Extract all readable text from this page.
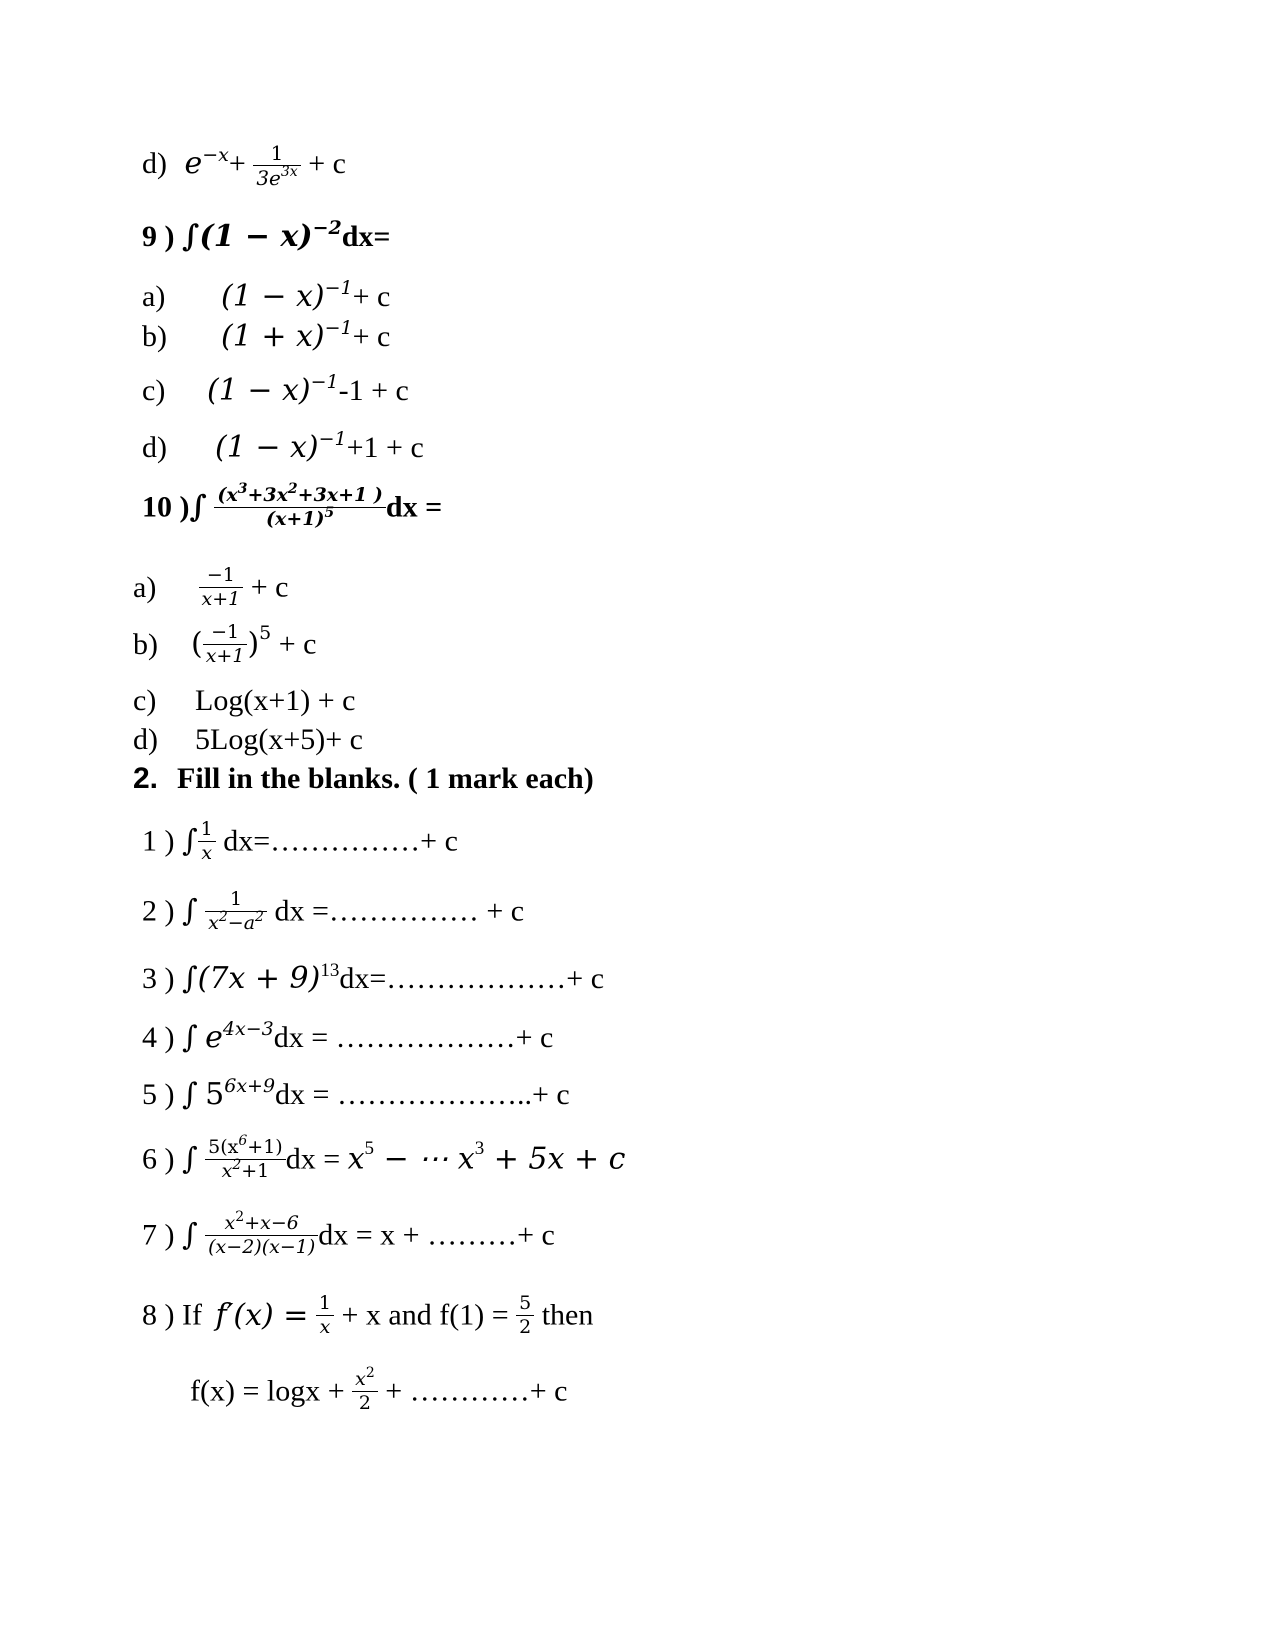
d) $e^{-x}+ \frac{1}{3e^{3x}} + c$
9 ) $\int(1 - x)^{-2}dx=$
a) $(1 - x)^{-1}+ c$
b) $(1 + x)^{-1}+ c$
c) $(1 - x)^{-1}-1 + c$
d) $(1 - x)^{-1}+1 + c$
10 )∫ $\frac{(x^3+3x^2+3x+1 )}{(x+1)^5}$ dx =
$a) \frac{-1}{x+1} + c$
b) ( $\frac{-1}{x+1} )^5 + c$
c) Log(x+1) + c
d) 5Log(x+5)+ c
2. Fill in the blanks. ( 1 mark each)
1 ) ∫ $\frac{1}{x}$ dx=……………+ c
2 ) ∫ $\frac{1}{x^2-a^2}$ dx =…………… + c
3 ) $\int(7x + 9)^{13}dx=\dots\dots\dots\dots\dots\dots+ c$
4 ) ∫ $e^{4x-3}dx$ = ………………+ c
5 ) ∫ $5^{6x+9}dx$ = ………………..+ c
6 ) ∫ $\frac{5(x^6+1)}{x^2+1}$ dx = $x^5$ − ⋯ $x^3 + 5x + c$
7 ) ∫ $\frac{x^2+x-6}{(x-2)(x-1)}$ dx = x + ………+ c
8 ) If $f'(x) = \frac{1}{x} + x$ and $f(1) = \frac{5}{2}$ then
$f(x) = \log x + \frac{x^2}{2}$ + …………+ c
